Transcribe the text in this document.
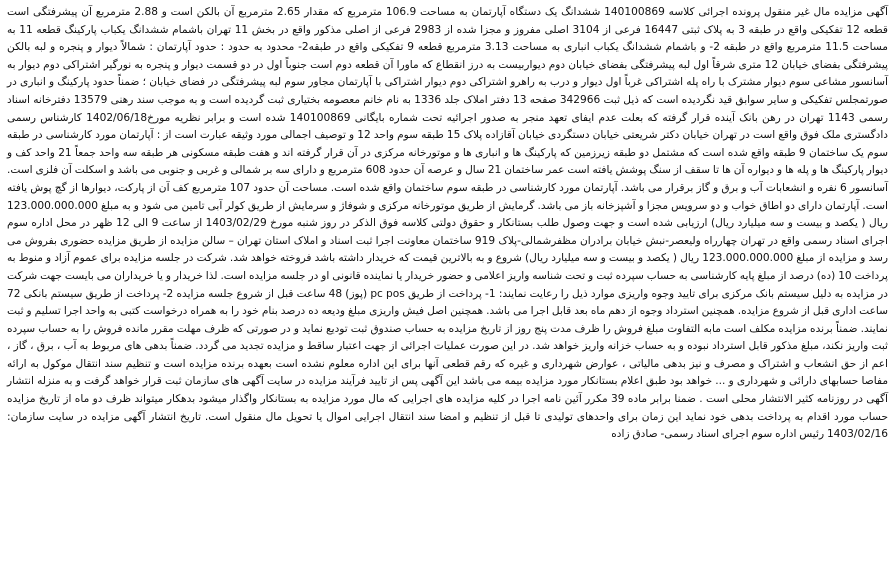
آگهی مزایده مال غیر منقول پرونده اجرائی کلاسه 140100869 ششدانگ یک دستگاه آپارتمان به مساحت 106.9 مترمربع که مقدار 2.65 مترمربع آن بالکن است و 2.88 مترمربع آن پیشرفتگی است قطعه 12 تفکیکی واقع در طبقه 3 به پلاک ثبتی 16447 فرعی از 3104 اصلی مفروز و مجزا شده از 2983 فرعی از اصلی مذکور واقع در بخش 11 تهران باشمام ششدانگ یکباب پارکینگ قطعه 11 به مساحت 11.5 مترمربع واقع در طبقه 2- و باشمام ششدانگ یکباب انباری به مساحت 3.13 مترمربع قطعه 9 تفکیکی واقع در طبقه2- محدود به حدود : حدود آپارتمان : شمالاً دیوار و پنجره و لبه بالکن پیشرفتگی بفضای خیابان 12 متری شرقاً اول لبه پیشرفتگی بفضای خیابان دوم دیواربیست به درز انقطاع که ماورا آن قطعه دوم است جنوباً اول در دو قسمت دیوار و پنجره به نورگیر اشتراکی دوم دیوار به آسانسور مشاعی سوم دیوار مشترک با راه پله اشتراکی غرباً اول دیوار و درب به راهرو اشتراکی دوم دیوار اشتراکی با آپارتمان مجاور سوم لبه پیشرفتگی در فضای خیابان ؛ ضمناً حدود پارکینگ و انباری در صورتمجلس تفکیکی و سایر سوابق قید نگردیده است که ذیل ثبت 342966 صفحه 13 دفتر املاک جلد 1336 به نام خانم معصومه بختیاری ثبت گردیده است و به موجب سند رهنی 13579 دفترخانه اسناد رسمی 1143 تهران در رهن بانک آینده قرار گرفته که بعلت عدم ایفای تعهد منجر به صدور اجرائیه تحت شماره بایگانی 140100869 شده است و برابر نظریه مورخ1402/06/18 کارشناس رسمی دادگستری ملک فوق واقع است در تهران خیابان دکتر شریعتی خیابان دستگردی خیابان آقازاده پلاک 15 طبقه سوم واحد 12 و توصیف اجمالی مورد وثیقه عبارت است از : آپارتمان مورد کارشناسی در طبقه سوم یک ساختمان 9 طبقه واقع شده است که مشتمل دو طبقه زیرزمین که پارکینگ ها و انباری ها و موتورخانه مرکزی در آن قرار گرفته اند و هفت طبقه مسکونی هر طبقه سه واحد جمعاً 21 واحد کف و دیوار پارکینگ ها و پله ها و دیواره آن ها تا سقف از سنگ پوشش یافته است عمر ساختمان 21 سال و عرصه آن حدود 608 مترمربع و دارای سه بر شمالی و غربی و جنوبی می باشد و اسکلت آن فلزی است. آسانسور 6 نفره و انشعابات آب و برق و گاز برقرار می باشد. آپارتمان مورد کارشناسی در طبقه سوم ساختمان واقع شده است. مساحت آن حدود 107 مترمربع کف آن از پارکت، دیوارها از گچ پوش یافته است. آپارتمان دارای دو اطاق خواب و دو سرویس مجزا و آشپزخانه باز می باشد. گرمایش از طریق موتورخانه مرکزی و شوفاژ و سرمایش از طریق کولر آبی تامین می شود و به مبلغ 123.000.000.000 ریال ( یکصد و بیست و سه میلیارد ریال) ارزیابی شده است و جهت وصول طلب بستانکار و حقوق دولتی کلاسه فوق الذکر در روز شنبه مورخ 1403/02/29 از ساعت 9 الی 12 ظهر در محل اداره سوم اجرای اسناد رسمی واقع در تهران چهارراه ولیعصر-نبش خیابان برادران مظفرشمالی-پلاک 919 ساختمان معاونت اجرا ثبت اسناد و املاک استان تهران – سالن مزایده از طریق مزایده حضوری بفروش می رسد و مزایده از مبلغ 123.000.000.000 ریال ( یکصد و بیست و سه میلیارد ریال) شروع و به بالاترین قیمت که خریدار داشته باشد فروخته خواهد شد. شرکت در جلسه مزایده برای عموم آزاد و منوط به پرداخت 10 (ده) درصد از مبلغ پایه کارشناسی به حساب سپرده ثبت و تحت شناسه واریز اعلامی و حضور خریدار یا نماینده قانونی او در جلسه مزایده است. لذا خریدار و یا خریداران می بایست جهت شرکت در مزایده به دلیل سیستم بانک مرکزی برای تایید وجوه واریزی موارد ذیل را رعایت نمایند: 1- پرداخت از طریق pc pos (پوز) 48 ساعت قبل از شروع جلسه مزایده 2- پرداخت از طریق سیستم بانکی 72 ساعت اداری قبل از شروع مزایده. همچنین استرداد وجوه از دهم ماه بعد قابل اجرا می باشد. همچنین اصل فیش واریزی مبلغ ودیعه ده درصد بنام خود را به همراه درخواست کتبی به واحد اجرا تسلیم و ثبت نمایند. ضمناً برنده مزایده مکلف است مابه التفاوت مبلغ فروش را ظرف مدت پنج روز از تاریخ مزایده به حساب صندوق ثبت تودیع نماید و در صورتی که ظرف مهلت مقرر مانده فروش را به حساب سپرده ثبت واریز نکند، مبلغ مذکور قابل استرداد نبوده و به حساب خزانه واریز خواهد شد. در این صورت عملیات اجرائی از جهت اعتبار ساقط و مزایده تجدید می گردد. ضمناً بدهی های مربوط به آب ، برق ، گاز ، اعم از حق انشعاب و اشتراک و مصرف و نیز بدهی مالیاتی ، عوارض شهرداری و غیره که رقم قطعی آنها برای این اداره معلوم نشده است بعهده برنده مزایده است و تنظیم سند انتقال موکول به ارائه مفاصا حسابهای دارائی و شهرداری و ... خواهد بود طبق اعلام بستانکار مورد مزایده بیمه می باشد این آگهی پس از تایید فرآیند مزایده در سایت آگهی های سازمان ثبت قرار خواهد گرفت و به منزله انتشار آگهی در روزنامه کثیر الانتشار محلی است . ضمنا برابر ماده 39 مکرر آئین نامه اجرا در کلیه مزایده های اجرایی که مال مورد مزایده به بستانکار واگذار میشود بدهکار میتواند ظرف دو ماه از تاریخ مزایده حساب مورد اقدام به پرداخت بدهی خود نماید این زمان برای واحدهای تولیدی تا قبل از تنظیم و امضا سند انتقال اجرایی اموال یا تحویل مال منقول است. تاریخ انتشار آگهی مزایده در سایت سازمان: 1403/02/16 رئیس اداره سوم اجرای اسناد رسمی- صادق زاده
